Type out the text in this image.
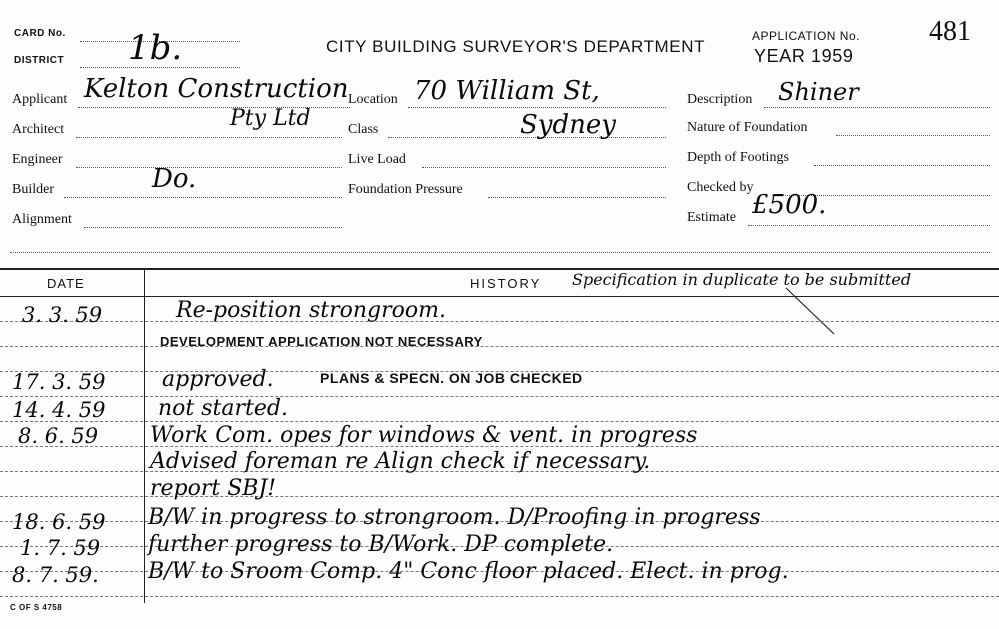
CARD No.
DISTRICT 1b.	CITY BUILDING SURVEYOR'S DEPARTMENT
APPLICATION No. 481
YEAR 1959
Applicant Kelton Construction
Architect	Pty Ltd
Engineer
Builder	Do.
Alignment
Location 70 William St,
Class	Sydney
Live Load
Foundation Pressure
Description Shiner
Nature of Foundation
Depth of Footings
Checked by
Estimate £500.
DATE	HISTORY Specification in duplicate to be submitted
3. 3. 59	Re-position strongroom.
DEVELOPMENT APPLICATION NOT NECESSARY
17. 3. 59	approved.	PLANS & SPECN. ON JOB CHECKED
14. 4. 59 not started.
8. 6. 59 Work Com. opes for windows & vent. in progress
Advised foreman re Align check if necessary.
report SBJ!
18. 6. 59 B/W in progress to strongroom. D/Proofing in progress
1. 7. 59 further progress to B/Work. DP complete.
8. 7. 59. B/W to Sroom Comp. 4" Conc floor placed. Elect. in prog.
C OF S 4758
